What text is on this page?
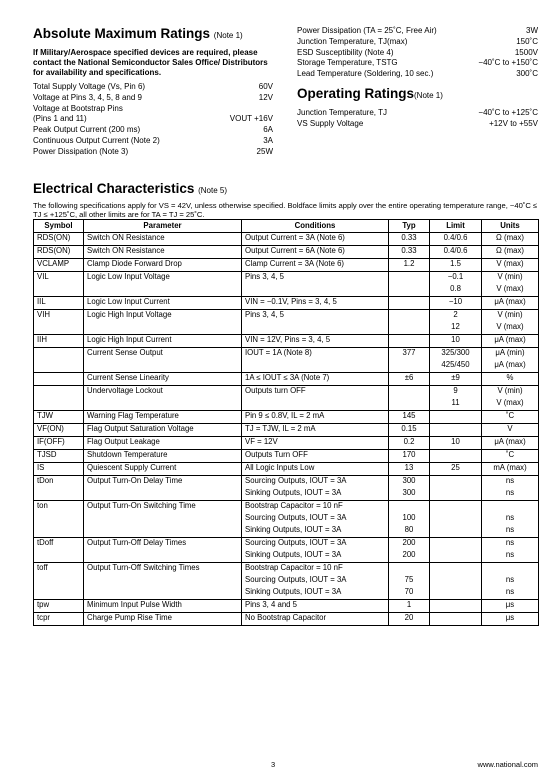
Absolute Maximum Ratings (Note 1)
If Military/Aerospace specified devices are required, please contact the National Semiconductor Sales Office/ Distributors for availability and specifications.
Total Supply Voltage (Vs, Pin 6)	60V
Voltage at Pins 3, 4, 5, 8 and 9	12V
Voltage at Bootstrap Pins
(Pins 1 and 11)	VOUT +16V
Peak Output Current (200 ms)	6A
Continuous Output Current (Note 2)	3A
Power Dissipation (Note 3)	25W
Power Dissipation (TA = 25˚C, Free Air)	3W
Junction Temperature, TJ(max)	150˚C
ESD Susceptibility (Note 4)	1500V
Storage Temperature, TSTG	−40˚C to +150˚C
Lead Temperature (Soldering, 10 sec.)	300˚C
Operating Ratings(Note 1)
Junction Temperature, TJ	−40˚C to +125˚C
VS Supply Voltage	+12V to +55V
Electrical Characteristics (Note 5)
The following specifications apply for VS = 42V, unless otherwise specified. Boldface limits apply over the entire operating temperature range, −40˚C ≤ TJ ≤ +125˚C, all other limits are for TA = TJ = 25˚C.
Symbol	Parameter	Conditions	Typ	Limit	Units
RDS(ON)	Switch ON Resistance	Output Current = 3A (Note 6)	0.33	0.4/0.6	Ω (max)
RDS(ON)	Switch ON Resistance	Output Current = 6A (Note 6)	0.33	0.4/0.6	Ω (max)
VCLAMP	Clamp Diode Forward Drop	Clamp Current = 3A (Note 6)	1.2	1.5	V (max)
VIL	Logic Low Input Voltage	Pins 3, 4, 5		−0.1	V (min)
				0.8	V (max)
IIL	Logic Low Input Current	VIN = −0.1V, Pins = 3, 4, 5		−10	μA (max)
VIH	Logic High Input Voltage	Pins 3, 4, 5		2	V (min)
				12	V (max)
IIH	Logic High Input Current	VIN = 12V, Pins = 3, 4, 5		10	μA (max)
	Current Sense Output	IOUT = 1A (Note 8)	377	325/300	μA (min)
				425/450	μA (max)
	Current Sense Linearity	1A ≤ IOUT ≤ 3A (Note 7)	±6	±9	%
	Undervoltage Lockout	Outputs turn OFF		9	V (min)
				11	V (max)
TJW	Warning Flag Temperature	Pin 9 ≤ 0.8V, IL = 2 mA	145		˚C
VF(ON)	Flag Output Saturation Voltage	TJ = TJW, IL = 2 mA	0.15		V
IF(OFF)	Flag Output Leakage	VF = 12V	0.2	10	μA (max)
TJSD	Shutdown Temperature	Outputs Turn OFF	170		˚C
IS	Quiescent Supply Current	All Logic Inputs Low	13	25	mA (max)
tDon	Output Turn-On Delay Time	Sourcing Outputs, IOUT = 3A	300		ns
		Sinking Outputs, IOUT = 3A	300		ns
ton	Output Turn-On Switching Time	Bootstrap Capacitor = 10 nF			
		Sourcing Outputs, IOUT = 3A	100		ns
		Sinking Outputs, IOUT = 3A	80		ns
tDoff	Output Turn-Off Delay Times	Sourcing Outputs, IOUT = 3A	200		ns
		Sinking Outputs, IOUT = 3A	200		ns
toff	Output Turn-Off Switching Times	Bootstrap Capacitor = 10 nF			
		Sourcing Outputs, IOUT = 3A	75		ns
		Sinking Outputs, IOUT = 3A	70		ns
tpw	Minimum Input Pulse Width	Pins 3, 4 and 5	1		μs
tcpr	Charge Pump Rise Time	No Bootstrap Capacitor	20		μs
3	www.national.com
